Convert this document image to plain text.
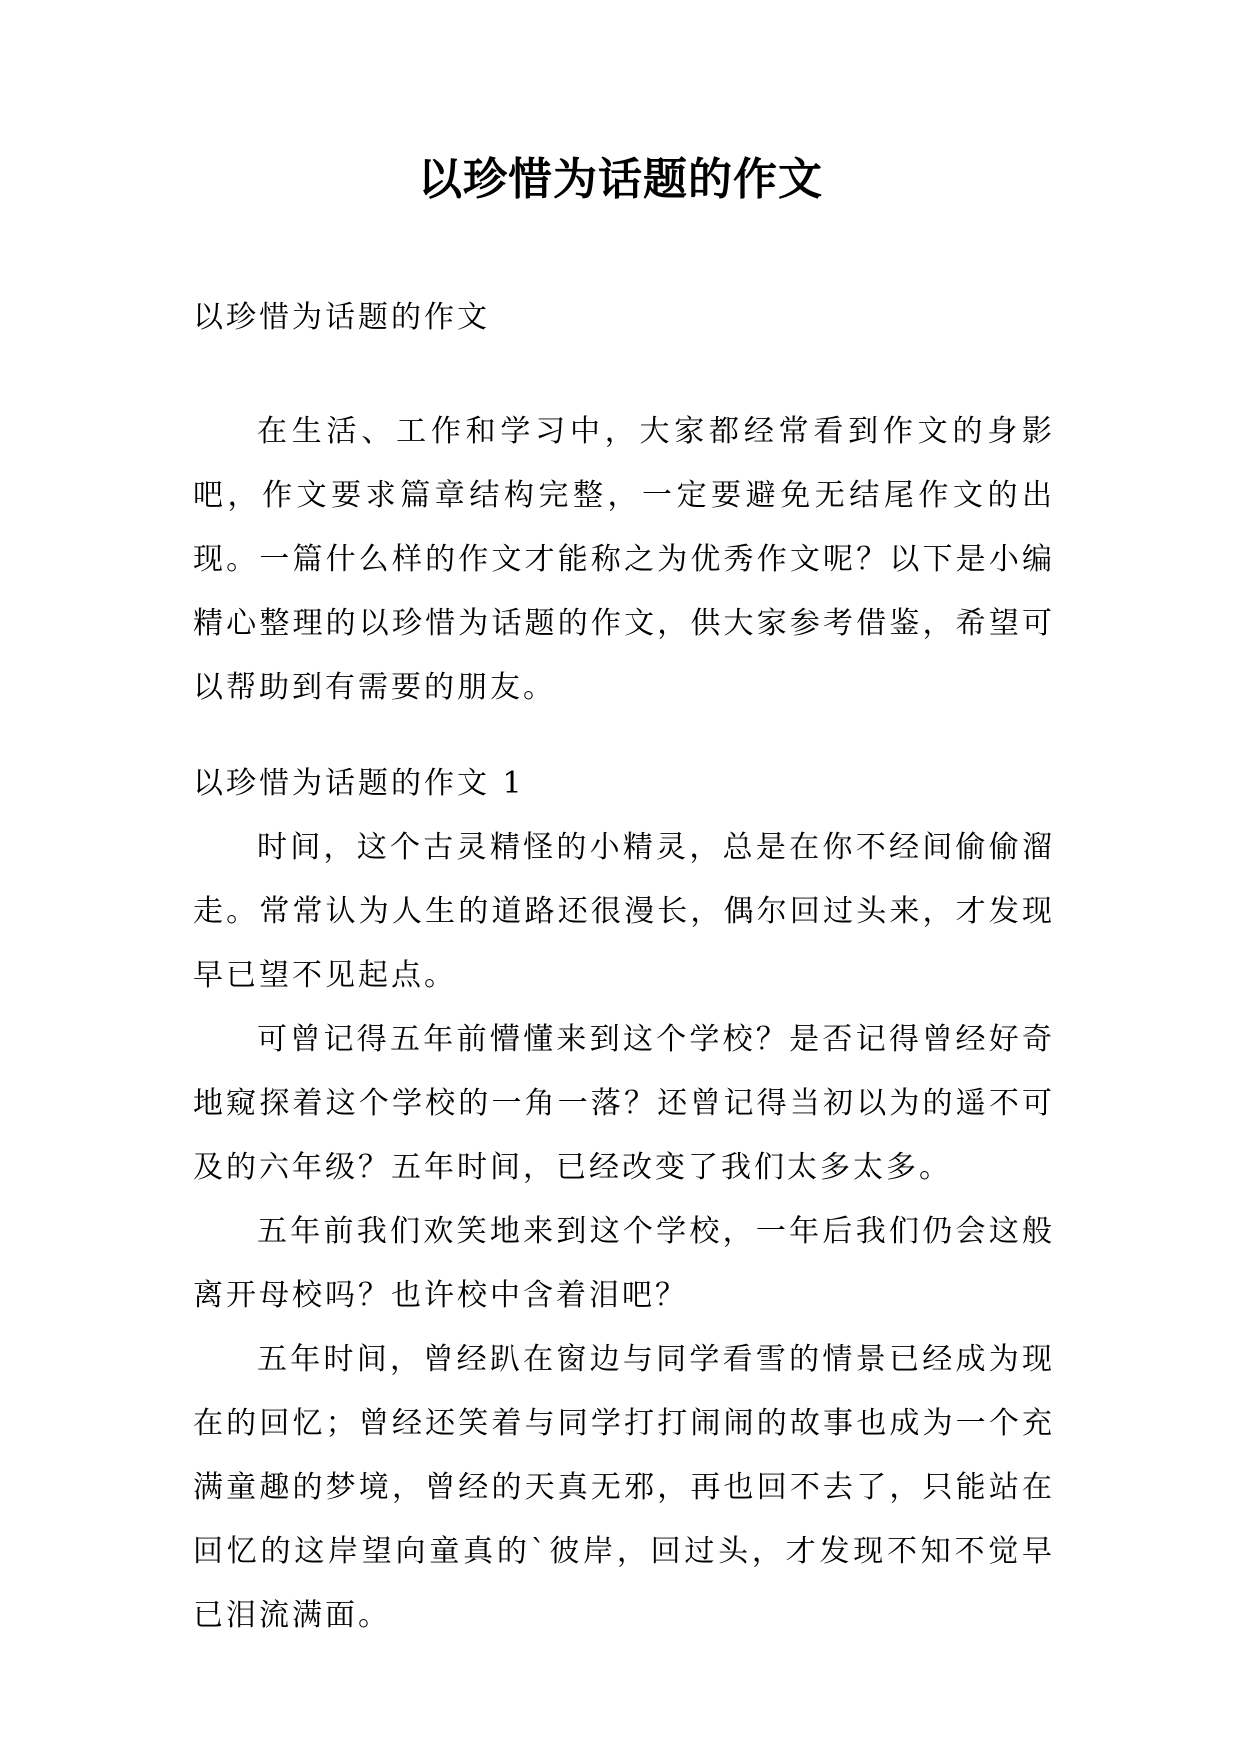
以珍惜为话题的作文

以珍惜为话题的作文

在生活、工作和学习中，大家都经常看到作文的身影吧，作文要求篇章结构完整，一定要避免无结尾作文的出现。一篇什么样的作文才能称之为优秀作文呢？以下是小编精心整理的以珍惜为话题的作文，供大家参考借鉴，希望可以帮助到有需要的朋友。

以珍惜为话题的作文 1

时间，这个古灵精怪的小精灵，总是在你不经间偷偷溜走。常常认为人生的道路还很漫长，偶尔回过头来，才发现早已望不见起点。

可曾记得五年前懵懂来到这个学校？是否记得曾经好奇地窥探着这个学校的一角一落？还曾记得当初以为的遥不可及的六年级？五年时间，已经改变了我们太多太多。

五年前我们欢笑地来到这个学校，一年后我们仍会这般离开母校吗？也许校中含着泪吧？

五年时间，曾经趴在窗边与同学看雪的情景已经成为现在的回忆；曾经还笑着与同学打打闹闹的故事也成为一个充满童趣的梦境，曾经的天真无邪，再也回不去了，只能站在回忆的这岸望向童真的`彼岸，回过头，才发现不知不觉早已泪流满面。
